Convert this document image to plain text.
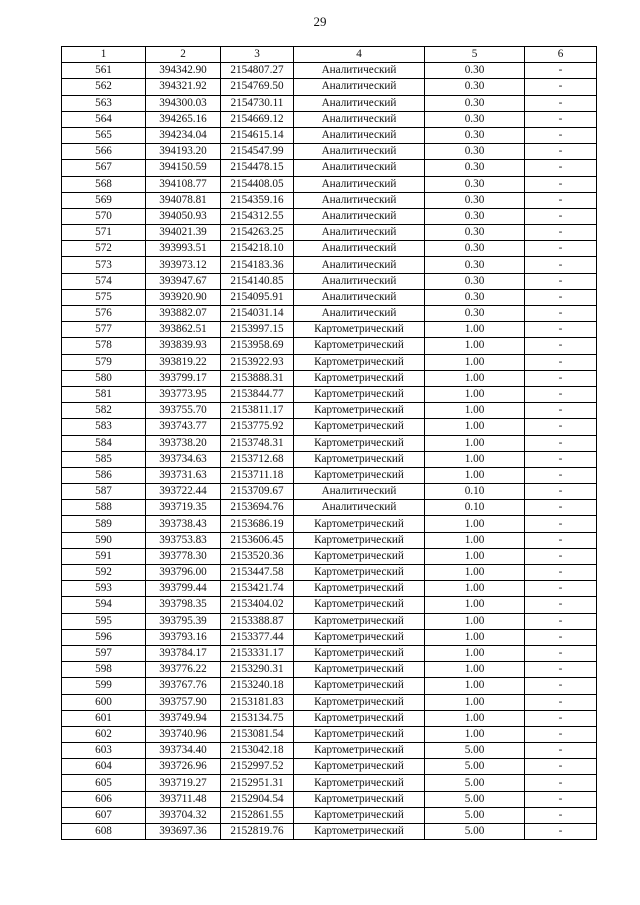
29
1	2	3	4	5	6
561	394342.90	2154807.27	Аналитический	0.30	-
562	394321.92	2154769.50	Аналитический	0.30	-
563	394300.03	2154730.11	Аналитический	0.30	-
564	394265.16	2154669.12	Аналитический	0.30	-
565	394234.04	2154615.14	Аналитический	0.30	-
566	394193.20	2154547.99	Аналитический	0.30	-
567	394150.59	2154478.15	Аналитический	0.30	-
568	394108.77	2154408.05	Аналитический	0.30	-
569	394078.81	2154359.16	Аналитический	0.30	-
570	394050.93	2154312.55	Аналитический	0.30	-
571	394021.39	2154263.25	Аналитический	0.30	-
572	393993.51	2154218.10	Аналитический	0.30	-
573	393973.12	2154183.36	Аналитический	0.30	-
574	393947.67	2154140.85	Аналитический	0.30	-
575	393920.90	2154095.91	Аналитический	0.30	-
576	393882.07	2154031.14	Аналитический	0.30	-
577	393862.51	2153997.15	Картометрический	1.00	-
578	393839.93	2153958.69	Картометрический	1.00	-
579	393819.22	2153922.93	Картометрический	1.00	-
580	393799.17	2153888.31	Картометрический	1.00	-
581	393773.95	2153844.77	Картометрический	1.00	-
582	393755.70	2153811.17	Картометрический	1.00	-
583	393743.77	2153775.92	Картометрический	1.00	-
584	393738.20	2153748.31	Картометрический	1.00	-
585	393734.63	2153712.68	Картометрический	1.00	-
586	393731.63	2153711.18	Картометрический	1.00	-
587	393722.44	2153709.67	Аналитический	0.10	-
588	393719.35	2153694.76	Аналитический	0.10	-
589	393738.43	2153686.19	Картометрический	1.00	-
590	393753.83	2153606.45	Картометрический	1.00	-
591	393778.30	2153520.36	Картометрический	1.00	-
592	393796.00	2153447.58	Картометрический	1.00	-
593	393799.44	2153421.74	Картометрический	1.00	-
594	393798.35	2153404.02	Картометрический	1.00	-
595	393795.39	2153388.87	Картометрический	1.00	-
596	393793.16	2153377.44	Картометрический	1.00	-
597	393784.17	2153331.17	Картометрический	1.00	-
598	393776.22	2153290.31	Картометрический	1.00	-
599	393767.76	2153240.18	Картометрический	1.00	-
600	393757.90	2153181.83	Картометрический	1.00	-
601	393749.94	2153134.75	Картометрический	1.00	-
602	393740.96	2153081.54	Картометрический	1.00	-
603	393734.40	2153042.18	Картометрический	5.00	-
604	393726.96	2152997.52	Картометрический	5.00	-
605	393719.27	2152951.31	Картометрический	5.00	-
606	393711.48	2152904.54	Картометрический	5.00	-
607	393704.32	2152861.55	Картометрический	5.00	-
608	393697.36	2152819.76	Картометрический	5.00	-
